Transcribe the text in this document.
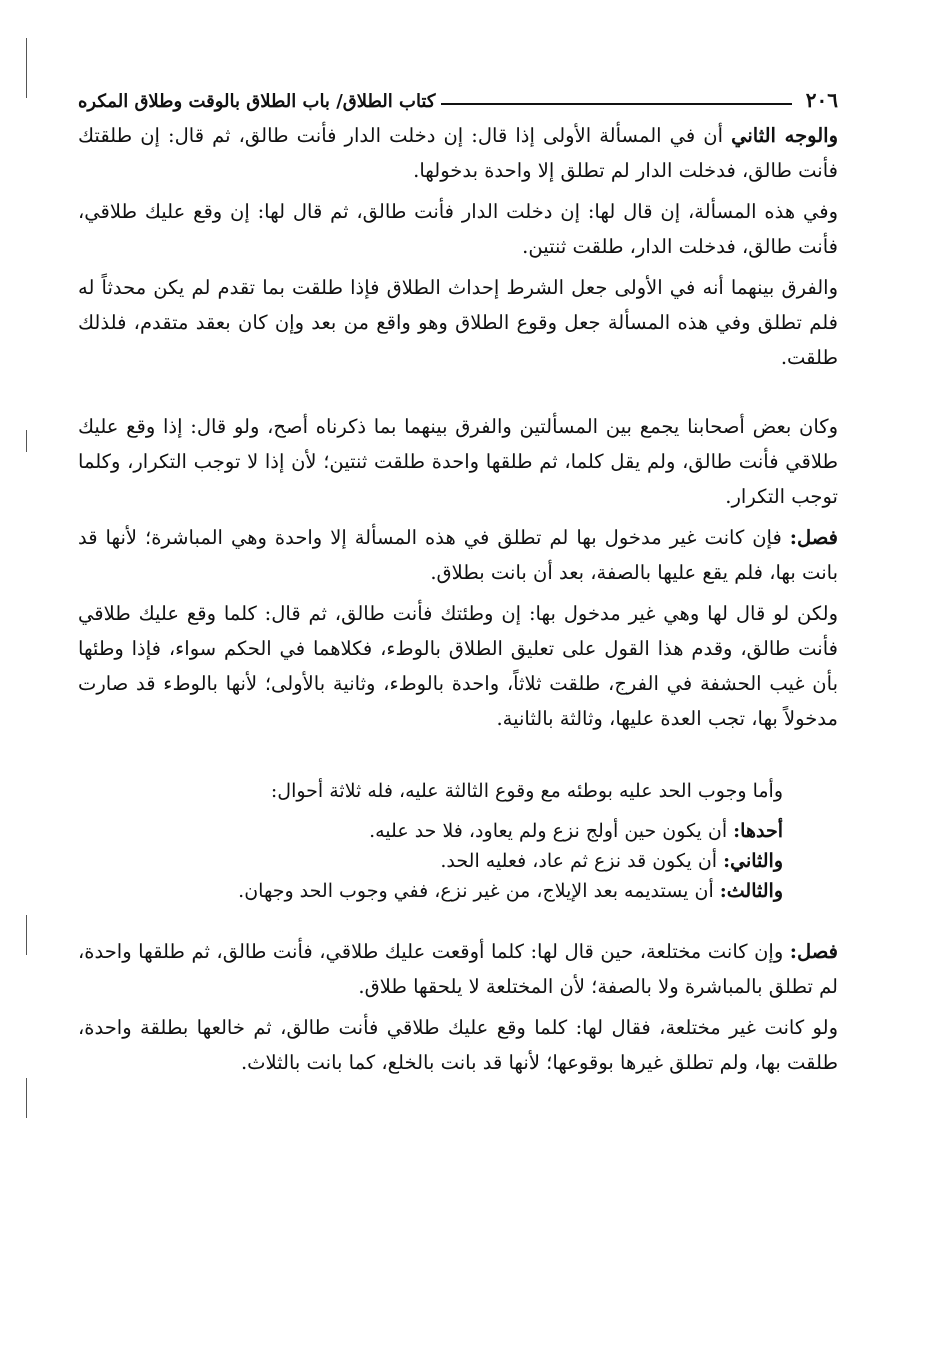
٢٠٦
كتاب الطلاق/ باب الطلاق بالوقت وطلاق المكره

والوجه الثاني أن في المسألة الأولى إذا قال: إن دخلت الدار فأنت طالق، ثم قال: إن طلقتك فأنت طالق، فدخلت الدار لم تطلق إلا واحدة بدخولها.

وفي هذه المسألة، إن قال لها: إن دخلت الدار فأنت طالق، ثم قال لها: إن وقع عليك طلاقي، فأنت طالق، فدخلت الدار، طلقت ثنتين.

والفرق بينهما أنه في الأولى جعل الشرط إحداث الطلاق فإذا طلقت بما تقدم لم يكن محدثاً له فلم تطلق وفي هذه المسألة جعل وقوع الطلاق وهو واقع من بعد وإن كان بعقد متقدم، فلذلك طلقت.

وكان بعض أصحابنا يجمع بين المسألتين والفرق بينهما بما ذكرناه أصح، ولو قال: إذا وقع عليك طلاقي فأنت طالق، ولم يقل كلما، ثم طلقها واحدة طلقت ثنتين؛ لأن إذا لا توجب التكرار، وكلما توجب التكرار.

فصل: فإن كانت غير مدخول بها لم تطلق في هذه المسألة إلا واحدة وهي المباشرة؛ لأنها قد بانت بها، فلم يقع عليها بالصفة، بعد أن بانت بطلاق.

ولكن لو قال لها وهي غير مدخول بها: إن وطئتك فأنت طالق، ثم قال: كلما وقع عليك طلاقي فأنت طالق، وقدم هذا القول على تعليق الطلاق بالوطء، فكلاهما في الحكم سواء، فإذا وطئها بأن غيب الحشفة في الفرج، طلقت ثلاثاً، واحدة بالوطء، وثانية بالأولى؛ لأنها بالوطء قد صارت مدخولاً بها، تجب العدة عليها، وثالثة بالثانية.

وأما وجوب الحد عليه بوطئه مع وقوع الثالثة عليه، فله ثلاثة أحوال:

أحدها: أن يكون حين أولج نزع ولم يعاود، فلا حد عليه.

والثاني: أن يكون قد نزع ثم عاد، فعليه الحد.

والثالث: أن يستديمه بعد الإيلاج، من غير نزع، ففي وجوب الحد وجهان.

فصل: وإن كانت مختلعة، حين قال لها: كلما أوقعت عليك طلاقي، فأنت طالق، ثم طلقها واحدة، لم تطلق بالمباشرة ولا بالصفة؛ لأن المختلعة لا يلحقها طلاق.

ولو كانت غير مختلعة، فقال لها: كلما وقع عليك طلاقي فأنت طالق، ثم خالعها بطلقة واحدة، طلقت بها، ولم تطلق غيرها بوقوعها؛ لأنها قد بانت بالخلع، كما بانت بالثلاث.
